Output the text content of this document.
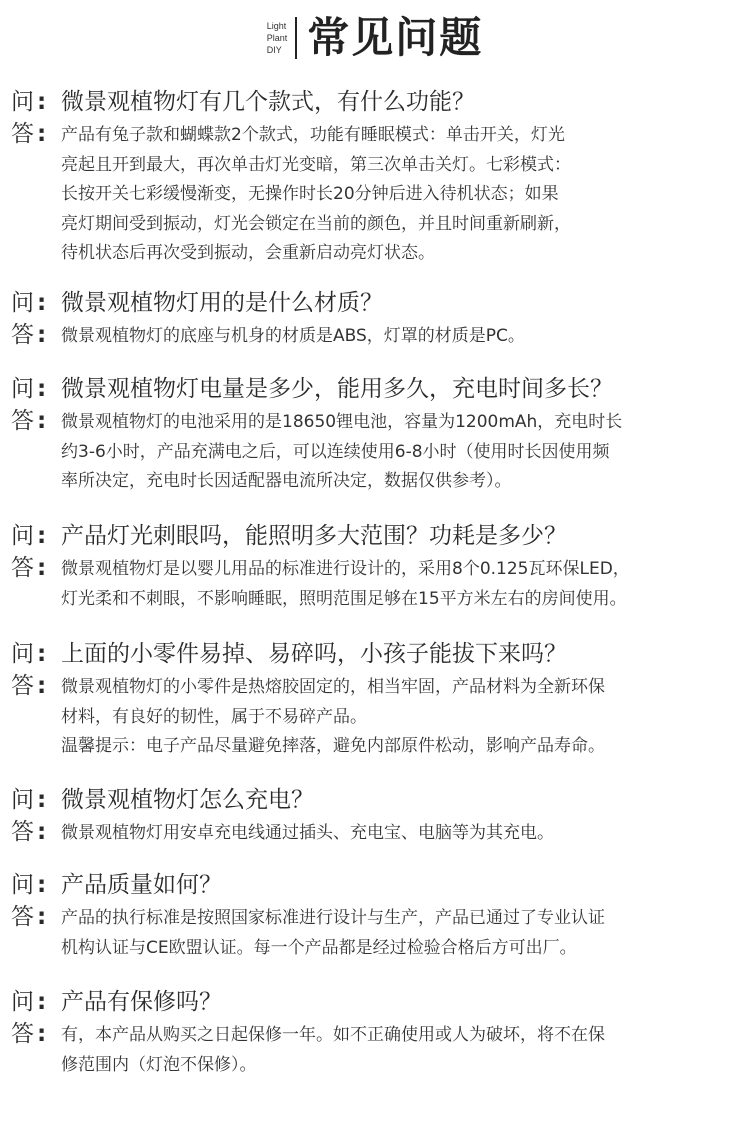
Light
Plant
DIY 常见问题
问 : 微景观植物灯有几个款式，有什么功能？
答 : 产品有兔子款和蝴蝶款2个款式，功能有睡眠模式：单击开关，灯光
亮起且开到最大，再次单击灯光变暗，第三次单击关灯。七彩模式：
长按开关七彩缓慢渐变，无操作时长20分钟后进入待机状态；如果
亮灯期间受到振动，灯光会锁定在当前的颜色，并且时间重新刷新，
待机状态后再次受到振动，会重新启动亮灯状态。
问 : 微景观植物灯用的是什么材质？
答 : 微景观植物灯的底座与机身的材质是ABS，灯罩的材质是PC。
问 : 微景观植物灯电量是多少，能用多久，充电时间多长？
答 : 微景观植物灯的电池采用的是18650锂电池，容量为1200mAh，充电时长
约3-6小时，产品充满电之后，可以连续使用6-8小时（使用时长因使用频
率所决定，充电时长因适配器电流所决定，数据仅供参考）。
问 : 产品灯光刺眼吗，能照明多大范围？功耗是多少？
答 : 微景观植物灯是以婴儿用品的标准进行设计的，采用8个0.125瓦环保LED，
灯光柔和不刺眼，不影响睡眠，照明范围足够在15平方米左右的房间使用。
问 : 上面的小零件易掉、易碎吗，小孩子能拔下来吗？
答 : 微景观植物灯的小零件是热熔胶固定的，相当牢固，产品材料为全新环保
材料，有良好的韧性，属于不易碎产品。
温馨提示：电子产品尽量避免摔落，避免内部原件松动，影响产品寿命。
问 : 微景观植物灯怎么充电？
答 : 微景观植物灯用安卓充电线通过插头、充电宝、电脑等为其充电。
问 : 产品质量如何？
答 : 产品的执行标准是按照国家标准进行设计与生产，产品已通过了专业认证
机构认证与CE欧盟认证。每一个产品都是经过检验合格后方可出厂。
问 : 产品有保修吗？
答 : 有，本产品从购买之日起保修一年。如不正确使用或人为破坏，将不在保
修范围内（灯泡不保修）。
